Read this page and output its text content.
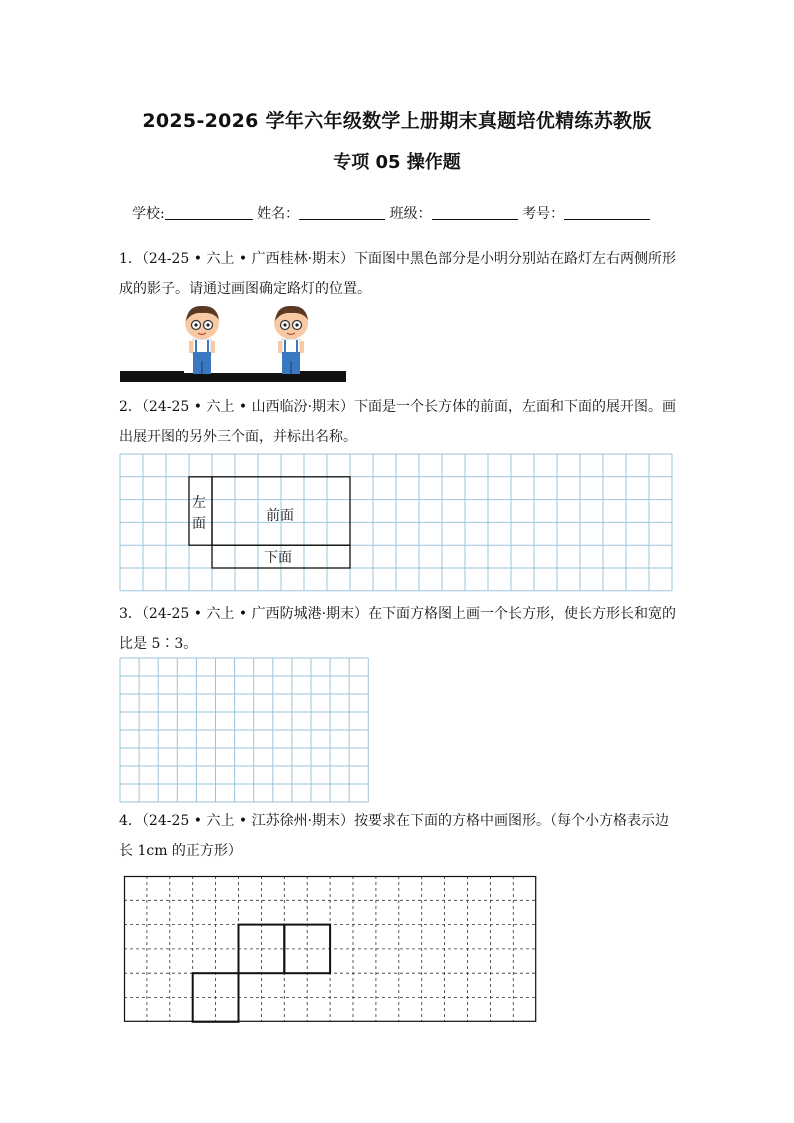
2025-2026 学年六年级数学上册期末真题培优精练苏教版
专项 05 操作题
学校:	姓名：	班级：	考号：
1．（24-25 • 六上 • 广西桂林·期末）下面图中黑色部分是小明分别站在路灯左右两侧所形成的影子。请通过画图确定路灯的位置。
2．（24-25 • 六上 • 山西临汾·期末）下面是一个长方体的前面，左面和下面的展开图。画出展开图的另外三个面，并标出名称。
左
面	前面
下面
3．（24-25 • 六上 • 广西防城港·期末）在下面方格图上画一个长方形，使长方形长和宽的比是 5∶3。
4．（24-25 • 六上 • 江苏徐州·期末）按要求在下面的方格中画图形。（每个小方格表示边长 1cm 的正方形）
